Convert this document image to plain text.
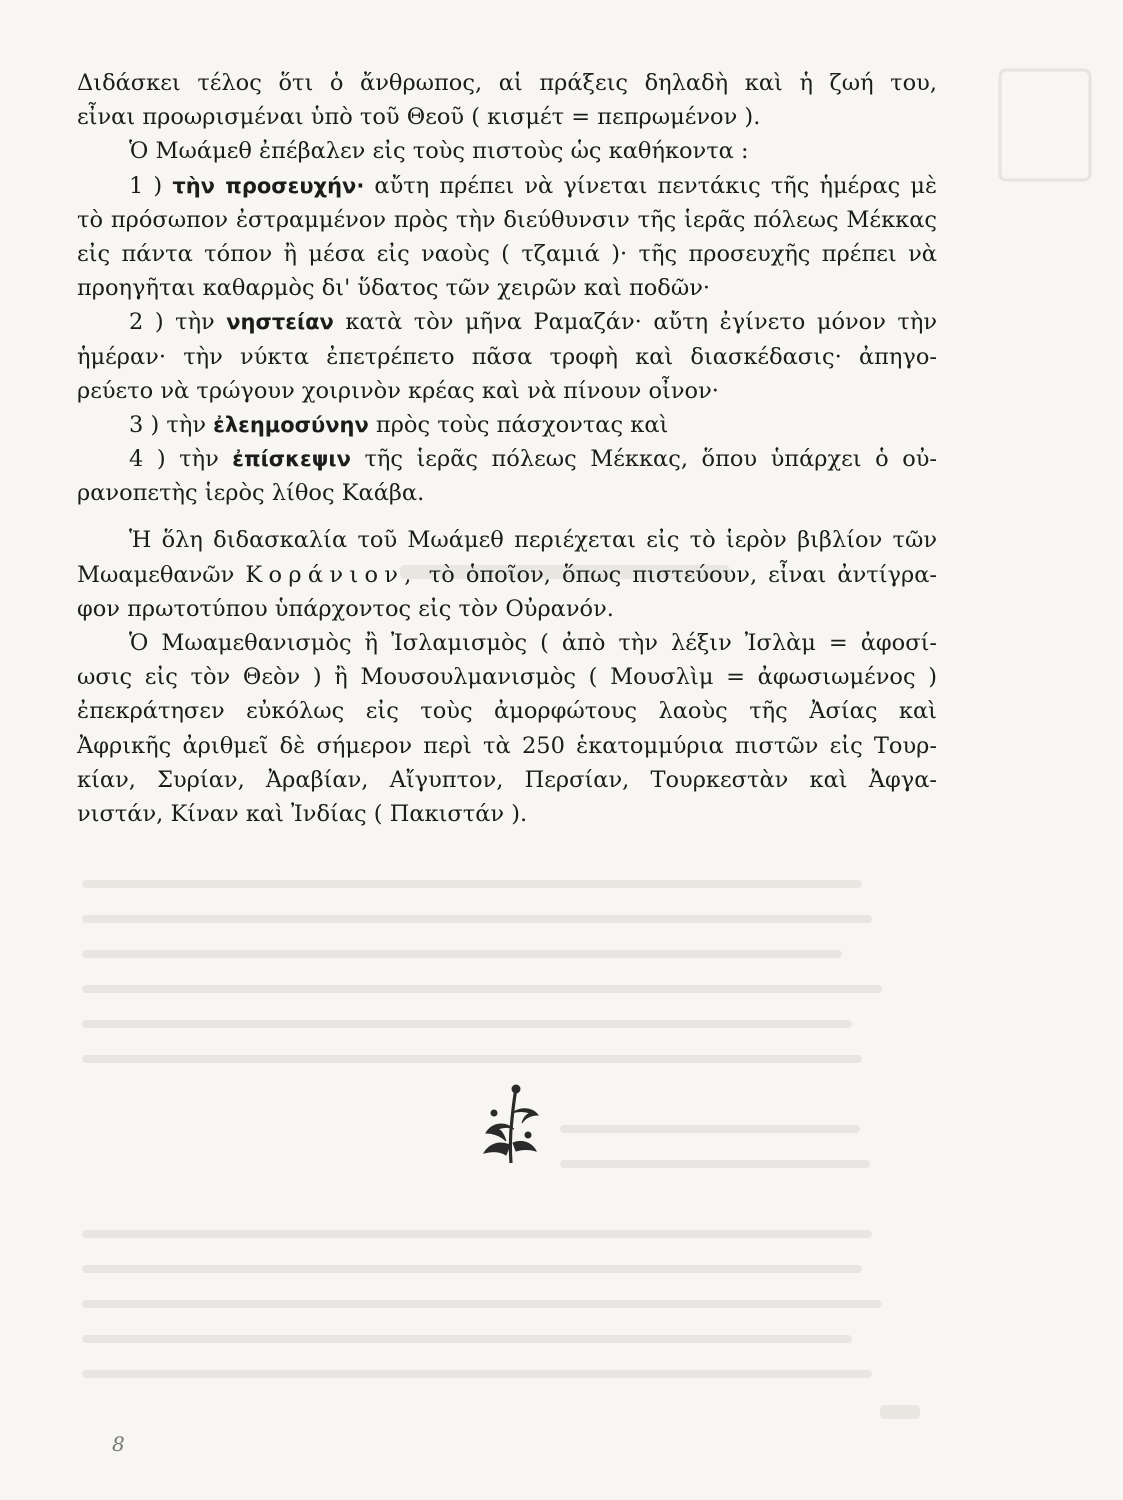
Διδάσκει τέλος ὅτι ὁ ἄνθρωπος, αἱ πράξεις δηλαδὴ καὶ ἡ ζωή του,
εἶναι προωρισμέναι ὑπὸ τοῦ Θεοῦ ( κισμέτ = πεπρωμένον ).
Ὁ Μωάμεθ ἐπέβαλεν εἰς τοὺς πιστοὺς ὡς καθήκοντα :
1 ) τὴν προσευχήν· αὔτη πρέπει νὰ γίνεται πεντάκις τῆς ἡμέρας μὲ
τὸ πρόσωπον ἐστραμμένον πρὸς τὴν διεύθυνσιν τῆς ἱερᾶς πόλεως Μέκκας
εἰς πάντα τόπον ἢ μέσα εἰς ναοὺς ( τζαμιά )· τῆς προσευχῆς πρέπει νὰ
προηγῆται καθαρμὸς δι' ὕδατος τῶν χειρῶν καὶ ποδῶν·
2 ) τὴν νηστείαν κατὰ τὸν μῆνα Ραμαζάν· αὔτη ἐγίνετο μόνον τὴν
ἡμέραν· τὴν νύκτα ἐπετρέπετο πᾶσα τροφὴ καὶ διασκέδασις· ἀπηγο-
ρεύετο νὰ τρώγουν χοιρινὸν κρέας καὶ νὰ πίνουν οἶνον·
3 ) τὴν ἐλεημοσύνην πρὸς τοὺς πάσχοντας καὶ
4 ) τὴν ἐπίσκεψιν τῆς ἱερᾶς πόλεως Μέκκας, ὅπου ὑπάρχει ὁ οὐ-
ρανοπετὴς ἱερὸς λίθος Καάβα.
Ἡ ὅλη διδασκαλία τοῦ Μωάμεθ περιέχεται εἰς τὸ ἱερὸν βιβλίον τῶν
Μωαμεθανῶν Κοράνιον, τὸ ὁποῖον, ὅπως πιστεύουν, εἶναι ἀντίγρα-
φον πρωτοτύπου ὑπάρχοντος εἰς τὸν Οὐρανόν.
Ὁ Μωαμεθανισμὸς ἢ Ἰσλαμισμὸς ( ἀπὸ τὴν λέξιν Ἰσλὰμ = ἀφοσί-
ωσις εἰς τὸν Θεὸν ) ἢ Μουσουλμανισμὸς ( Μουσλὶμ = ἀφωσιωμένος )
ἐπεκράτησεν εὐκόλως εἰς τοὺς ἀμορφώτους λαοὺς τῆς Ἀσίας καὶ
Ἀφρικῆς ἀριθμεῖ δὲ σήμερον περὶ τὰ 250 ἑκατομμύρια πιστῶν εἰς Τουρ-
κίαν, Συρίαν, Ἀραβίαν, Αἴγυπτον, Περσίαν, Τουρκεστὰν καὶ Ἀφγα-
νιστάν, Κίναν καὶ Ἰνδίας ( Πακιστάν ).
8
